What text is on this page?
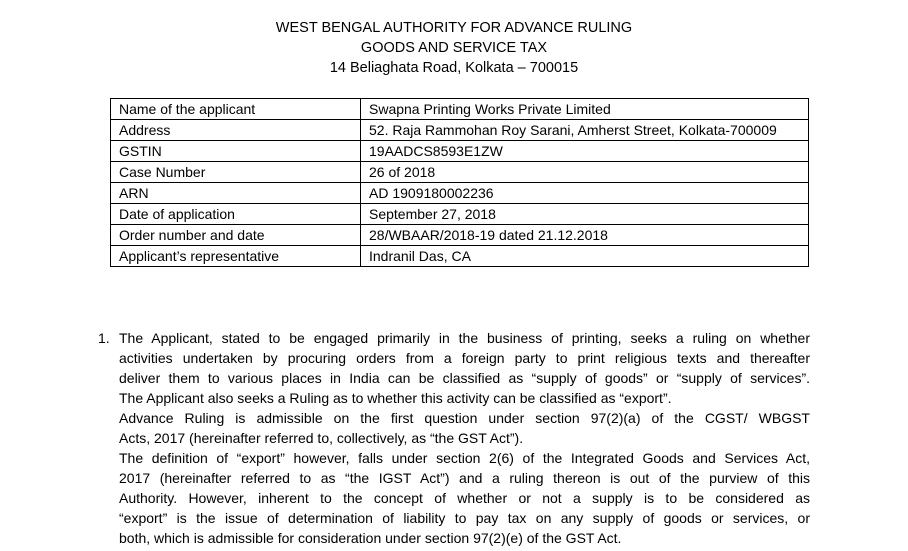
WEST BENGAL AUTHORITY FOR ADVANCE RULING
GOODS AND SERVICE TAX
14 Beliaghata Road, Kolkata – 700015
Name of the applicant	Swapna Printing Works Private Limited
Address	52. Raja Rammohan Roy Sarani, Amherst Street, Kolkata-700009
GSTIN	19AADCS8593E1ZW
Case Number	26 of 2018
ARN	AD 1909180002236
Date of application	September 27, 2018
Order number and date	28/WBAAR/2018-19 dated 21.12.2018
Applicant’s representative	Indranil Das, CA
1. The Applicant, stated to be engaged primarily in the business of printing, seeks a ruling on whether
activities undertaken by procuring orders from a foreign party to print religious texts and thereafter
deliver them to various places in India can be classified as “supply of goods” or “supply of services”.
The Applicant also seeks a Ruling as to whether this activity can be classified as “export”.
Advance Ruling is admissible on the first question under section 97(2)(a) of the CGST/ WBGST
Acts, 2017 (hereinafter referred to, collectively, as “the GST Act”).
The definition of “export” however, falls under section 2(6) of the Integrated Goods and Services Act,
2017 (hereinafter referred to as “the IGST Act”) and a ruling thereon is out of the purview of this
Authority. However, inherent to the concept of whether or not a supply is to be considered as
“export” is the issue of determination of liability to pay tax on any supply of goods or services, or
both, which is admissible for consideration under section 97(2)(e) of the GST Act.
